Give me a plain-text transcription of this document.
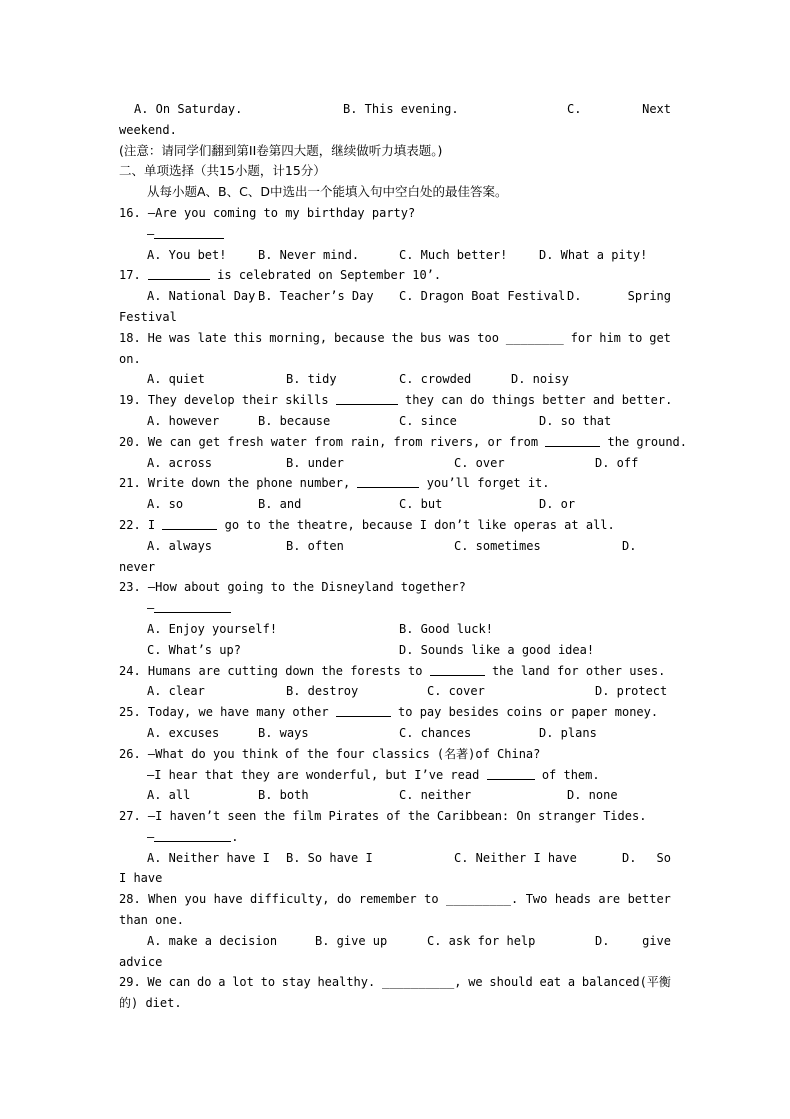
A. On Saturday.	B. This evening.	C.	Next
weekend.
(注意：请同学们翻到第II卷第四大题，继续做听力填表题。)
二、单项选择（共15小题，计15分）
从每小题A、B、C、D中选出一个能填入句中空白处的最佳答案。
16. —Are you coming to my birthday party?
—
A. You bet!	B. Never mind.	C. Much better!	D. What a pity!
17.	is celebrated on September 10’.
A. National Day B. Teacher’s Day C. Dragon Boat Festival D.	Spring
Festival
18. He was late this morning, because the bus was too ________ for him to get
on.
A. quiet	B. tidy	C. crowded	D. noisy
19. They develop their skills	they can do things better and better.
A. however	B. because	C. since	D. so that
20. We can get fresh water from rain, from rivers, or from	the ground.
A. across	B. under	C. over	D. off
21. Write down the phone number,	you’ll forget it.
A. so	B. and	C. but	D. or
22. I	go to the theatre, because I don’t like operas at all.
A. always	B. often	C. sometimes	D.
never
23. —How about going to the Disneyland together?
—
A. Enjoy yourself!	B. Good luck!
C. What’s up?	D. Sounds like a good idea!
24. Humans are cutting down the forests to	the land for other uses.
A. clear	B. destroy	C. cover	D. protect
25. Today, we have many other	to pay besides coins or paper money.
A. excuses	B. ways	C. chances	D. plans
26. —What do you think of the four classics (名著)of China?
—I hear that they are wonderful, but I’ve read	of them.
A. all	B. both	C. neither	D. none
27. —I haven’t seen the film Pirates of the Caribbean: On stranger Tides.
—	.
A. Neither have I B. So have I	C. Neither I have	D. So
I have
28. When you have difficulty, do remember to _________. Two heads are better
than one.
A. make a decision	B. give up	C. ask for help	D.	give
advice
29. We can do a lot to stay healthy. __________, we should eat a balanced(平衡
的) diet.
